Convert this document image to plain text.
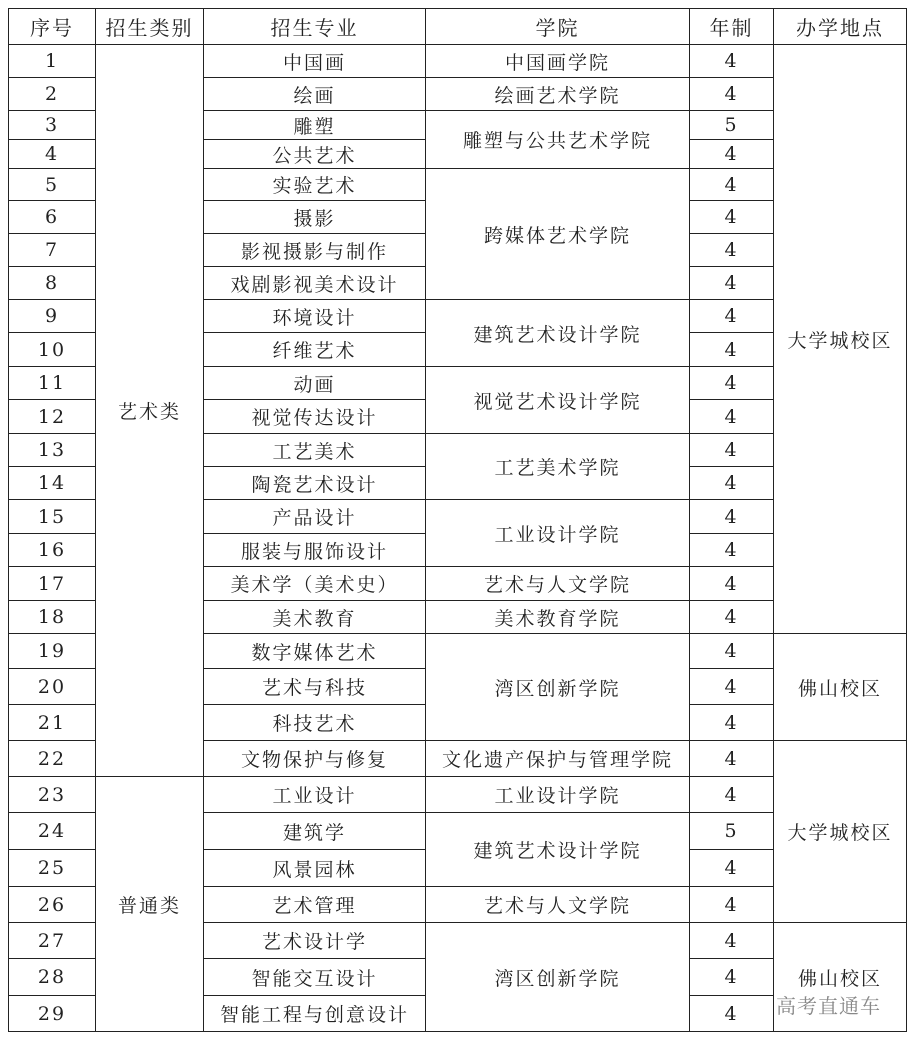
序号	招生类别	招生专业	学院	年制	办学地点
1	艺术类	中国画	中国画学院	4	大学城校区
2		绘画	绘画艺术学院	4	
3		雕塑	雕塑与公共艺术学院	5	
4		公共艺术		4	
5		实验艺术	跨媒体艺术学院	4	
6		摄影		4	
7		影视摄影与制作		4	
8		戏剧影视美术设计		4	
9		环境设计	建筑艺术设计学院	4	
10		纤维艺术		4	
11		动画	视觉艺术设计学院	4	
12		视觉传达设计		4	
13		工艺美术	工艺美术学院	4	
14		陶瓷艺术设计		4	
15		产品设计	工业设计学院	4	
16		服装与服饰设计		4	
17		美术学（美术史）	艺术与人文学院	4	
18		美术教育	美术教育学院	4	
19		数字媒体艺术	湾区创新学院	4	佛山校区
20		艺术与科技		4	
21		科技艺术		4	
22		文物保护与修复	文化遗产保护与管理学院	4	大学城校区
23	普通类	工业设计	工业设计学院	4	
24		建筑学	建筑艺术设计学院	5	
25		风景园林		4	
26		艺术管理	艺术与人文学院	4	
27		艺术设计学	湾区创新学院	4	佛山校区
28		智能交互设计		4	
29		智能工程与创意设计		4	高考直通车
